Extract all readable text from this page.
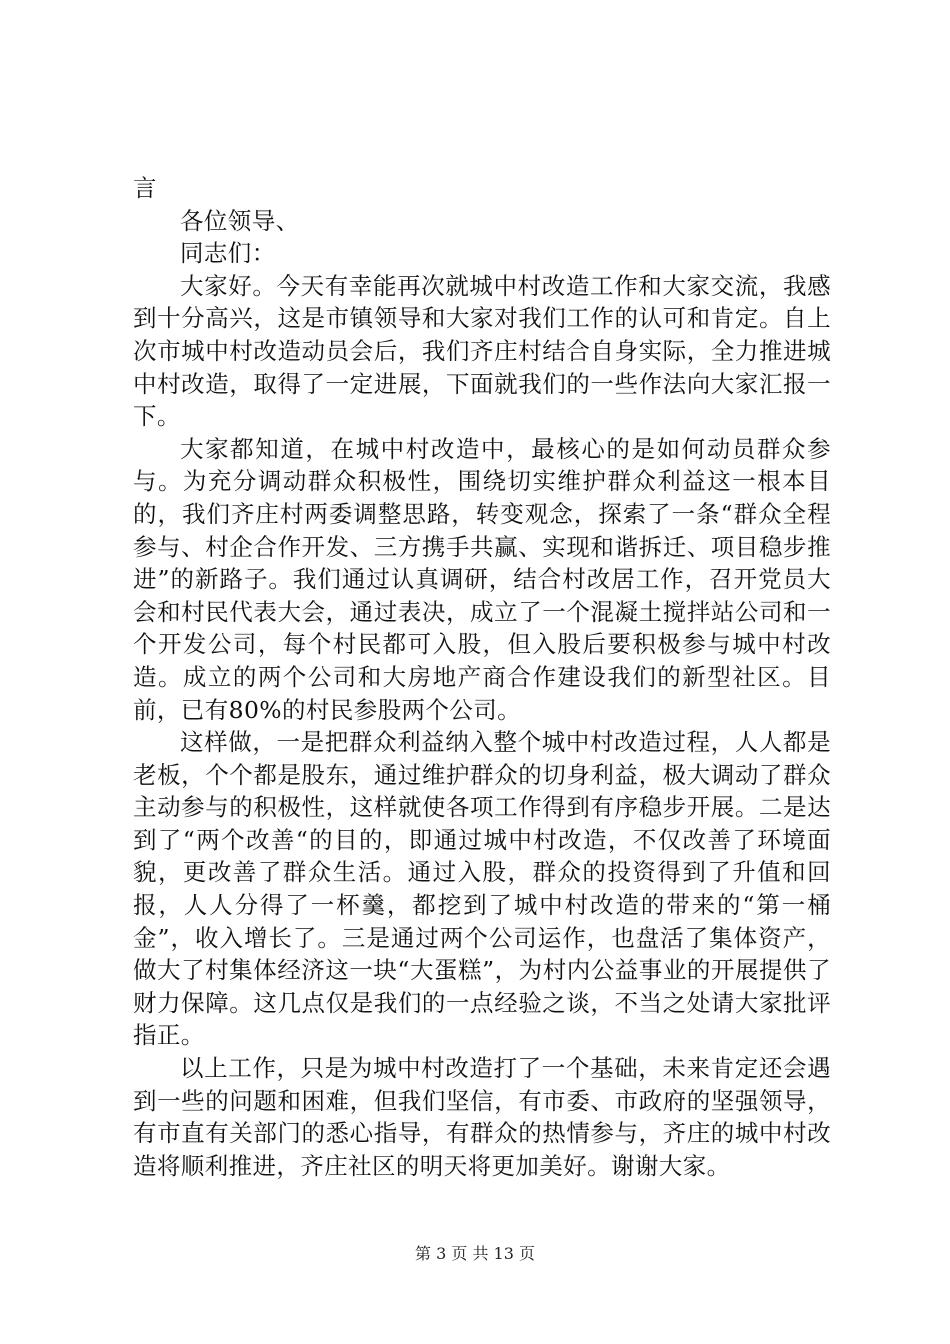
言

各位领导、

同志们：

大家好。今天有幸能再次就城中村改造工作和大家交流，我感到十分高兴，这是市镇领导和大家对我们工作的认可和肯定。自上次市城中村改造动员会后，我们齐庄村结合自身实际，全力推进城中村改造，取得了一定进展，下面就我们的一些作法向大家汇报一下。

大家都知道，在城中村改造中，最核心的是如何动员群众参与。为充分调动群众积极性，围绕切实维护群众利益这一根本目的，我们齐庄村两委调整思路，转变观念，探索了一条“群众全程参与、村企合作开发、三方携手共赢、实现和谐拆迁、项目稳步推进”的新路子。我们通过认真调研，结合村改居工作，召开党员大会和村民代表大会，通过表决，成立了一个混凝土搅拌站公司和一个开发公司，每个村民都可入股，但入股后要积极参与城中村改造。成立的两个公司和大房地产商合作建设我们的新型社区。目前，已有80%的村民参股两个公司。

这样做，一是把群众利益纳入整个城中村改造过程，人人都是老板，个个都是股东，通过维护群众的切身利益，极大调动了群众主动参与的积极性，这样就使各项工作得到有序稳步开展。二是达到了“两个改善“的目的，即通过城中村改造，不仅改善了环境面貌，更改善了群众生活。通过入股，群众的投资得到了升值和回报，人人分得了一杯羹，都挖到了城中村改造的带来的“第一桶金”，收入增长了。三是通过两个公司运作，也盘活了集体资产，做大了村集体经济这一块“大蛋糕”，为村内公益事业的开展提供了财力保障。这几点仅是我们的一点经验之谈，不当之处请大家批评指正。

以上工作，只是为城中村改造打了一个基础，未来肯定还会遇到一些的问题和困难，但我们坚信，有市委、市政府的坚强领导，有市直有关部门的悉心指导，有群众的热情参与，齐庄的城中村改造将顺利推进，齐庄社区的明天将更加美好。谢谢大家。

第 3 页 共 13 页
